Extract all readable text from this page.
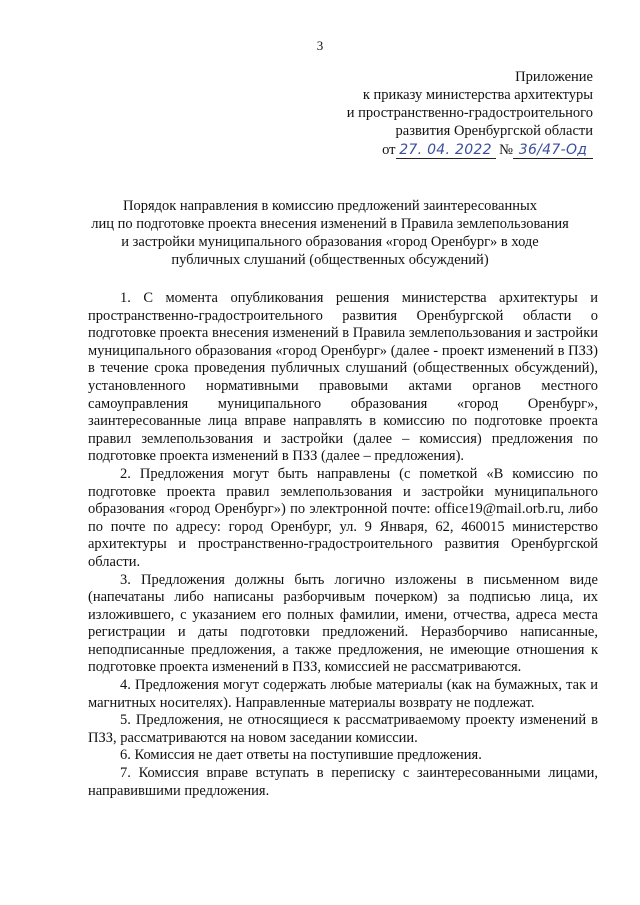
3
Приложение
к приказу министерства архитектуры
и пространственно-градостроительного
развития Оренбургской области
от 27. 04. 2022 № 36/47-Од
Порядок направления в комиссию предложений заинтересованных
лиц по подготовке проекта внесения изменений в Правила землепользования
и застройки муниципального образования «город Оренбург» в ходе
публичных слушаний (общественных обсуждений)

1. С момента опубликования решения министерства архитектуры и пространственно-градостроительного развития Оренбургской области о подготовке проекта внесения изменений в Правила землепользования и застройки муниципального образования «город Оренбург» (далее - проект изменений в ПЗЗ) в течение срока проведения публичных слушаний (общественных обсуждений), установленного нормативными правовыми актами органов местного самоуправления муниципального образования «город Оренбург», заинтересованные лица вправе направлять в комиссию по подготовке проекта правил землепользования и застройки (далее – комиссия) предложения по подготовке проекта изменений в ПЗЗ (далее – предложения).

2. Предложения могут быть направлены (с пометкой «В комиссию по подготовке проекта правил землепользования и застройки муниципального образования «город Оренбург») по электронной почте: office19@mail.orb.ru, либо по почте по адресу: город Оренбург, ул. 9 Января, 62, 460015 министерство архитектуры и пространственно-градостроительного развития Оренбургской области.

3. Предложения должны быть логично изложены в письменном виде (напечатаны либо написаны разборчивым почерком) за подписью лица, их изложившего, с указанием его полных фамилии, имени, отчества, адреса места регистрации и даты подготовки предложений. Неразборчиво написанные, неподписанные предложения, а также предложения, не имеющие отношения к подготовке проекта изменений в ПЗЗ, комиссией не рассматриваются.

4. Предложения могут содержать любые материалы (как на бумажных, так и магнитных носителях). Направленные материалы возврату не подлежат.

5. Предложения, не относящиеся к рассматриваемому проекту изменений в ПЗЗ, рассматриваются на новом заседании комиссии.

6. Комиссия не дает ответы на поступившие предложения.

7. Комиссия вправе вступать в переписку с заинтересованными лицами, направившими предложения.
